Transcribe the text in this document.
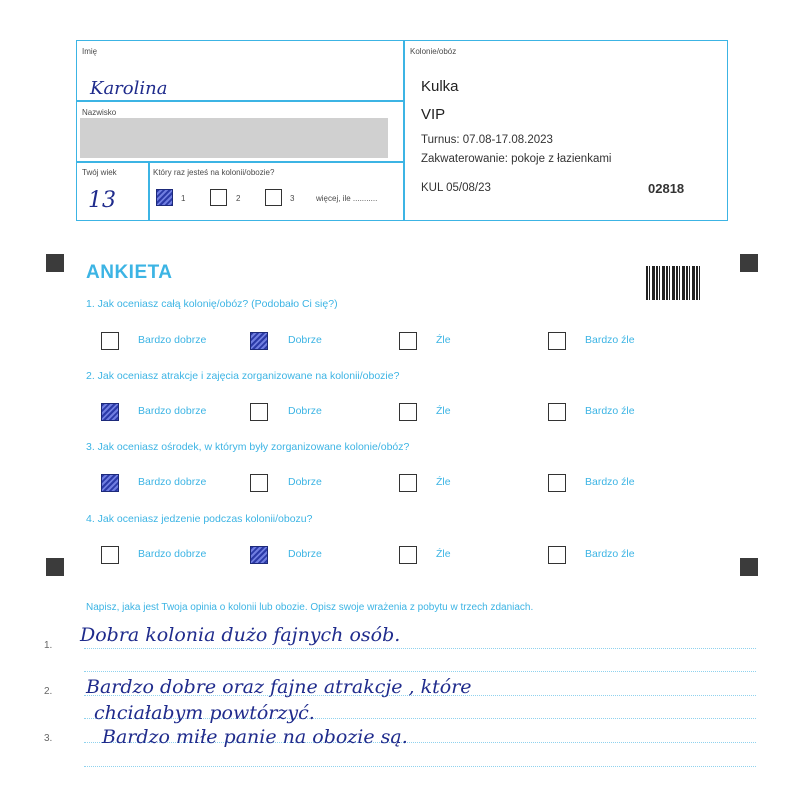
Imię
Karolina
Nazwisko
Twój wiek
13
Który raz jesteś na kolonii/obozie?
1	2	3	więcej, ile ...........
Kolonie/obóz
Kulka
VIP
Turnus: 07.08-17.08.2023
Zakwaterowanie: pokoje z łazienkami
KUL 05/08/23	02818
ANKIETA
1. Jak oceniasz całą kolonię/obóz? (Podobało Ci się?)
Bardzo dobrze	Dobrze	Źle	Bardzo źle
2. Jak oceniasz atrakcje i zajęcia zorganizowane na kolonii/obozie?
Bardzo dobrze	Dobrze	Źle	Bardzo źle
3. Jak oceniasz ośrodek, w którym były zorganizowane kolonie/obóz?
Bardzo dobrze	Dobrze	Źle	Bardzo źle
4. Jak oceniasz jedzenie podczas kolonii/obozu?
Bardzo dobrze	Dobrze	Źle	Bardzo źle
Napisz, jaka jest Twoja opinia o kolonii lub obozie. Opisz swoje wrażenia z pobytu w trzech zdaniach.
1.
2.
3.
Dobra kolonia dużo fajnych osób.
Bardzo dobre oraz fajne atrakcje , które
chciałabym powtórzyć.
Bardzo miłe panie na obozie są.
